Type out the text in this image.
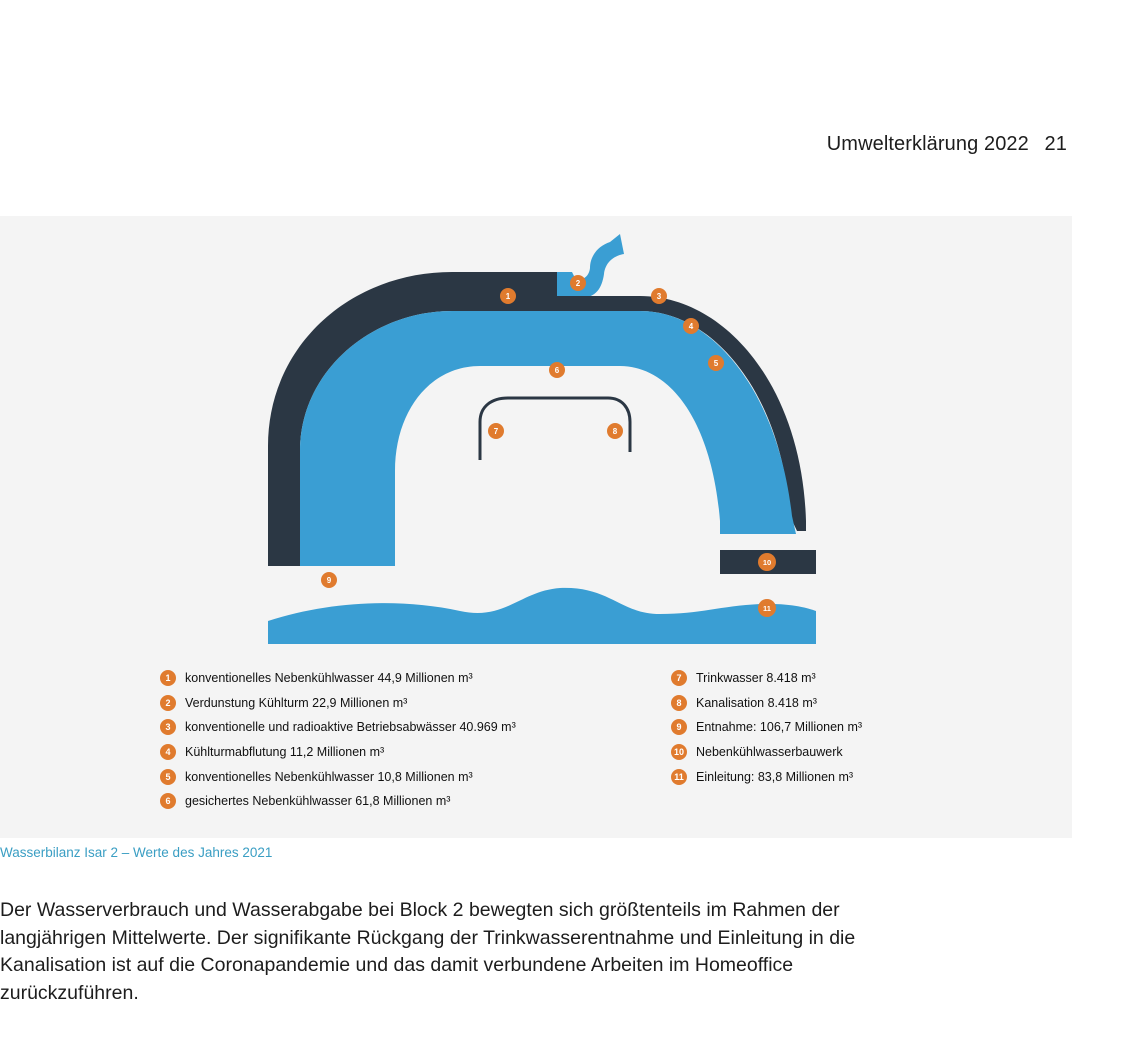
Umwelterklärung 2022 21
1
2
3
4
5
6
7	8
9
10
11
1	konventionelles Nebenkühlwasser 44,9 Millionen m³
2	Verdunstung Kühlturm 22,9 Millionen m³
3	konventionelle und radioaktive Betriebsabwässer 40.969 m³
4	Kühlturmabflutung 11,2 Millionen m³
5	konventionelles Nebenkühlwasser 10,8 Millionen m³
6	gesichertes Nebenkühlwasser 61,8 Millionen m³
7	Trinkwasser 8.418 m³
8	Kanalisation 8.418 m³
9	Entnahme: 106,7 Millionen m³
10 Nebenkühlwasserbauwerk
11 Einleitung: 83,8 Millionen m³
Wasserbilanz Isar 2 – Werte des Jahres 2021
Der Wasserverbrauch und Wasserabgabe bei Block 2 bewegten sich größtenteils im Rahmen der
langjährigen Mittelwerte. Der signifikante Rückgang der Trinkwasserentnahme und Einleitung in die
Kanalisation ist auf die Coronapandemie und das damit verbundene Arbeiten im Homeoffice
zurückzuführen.
